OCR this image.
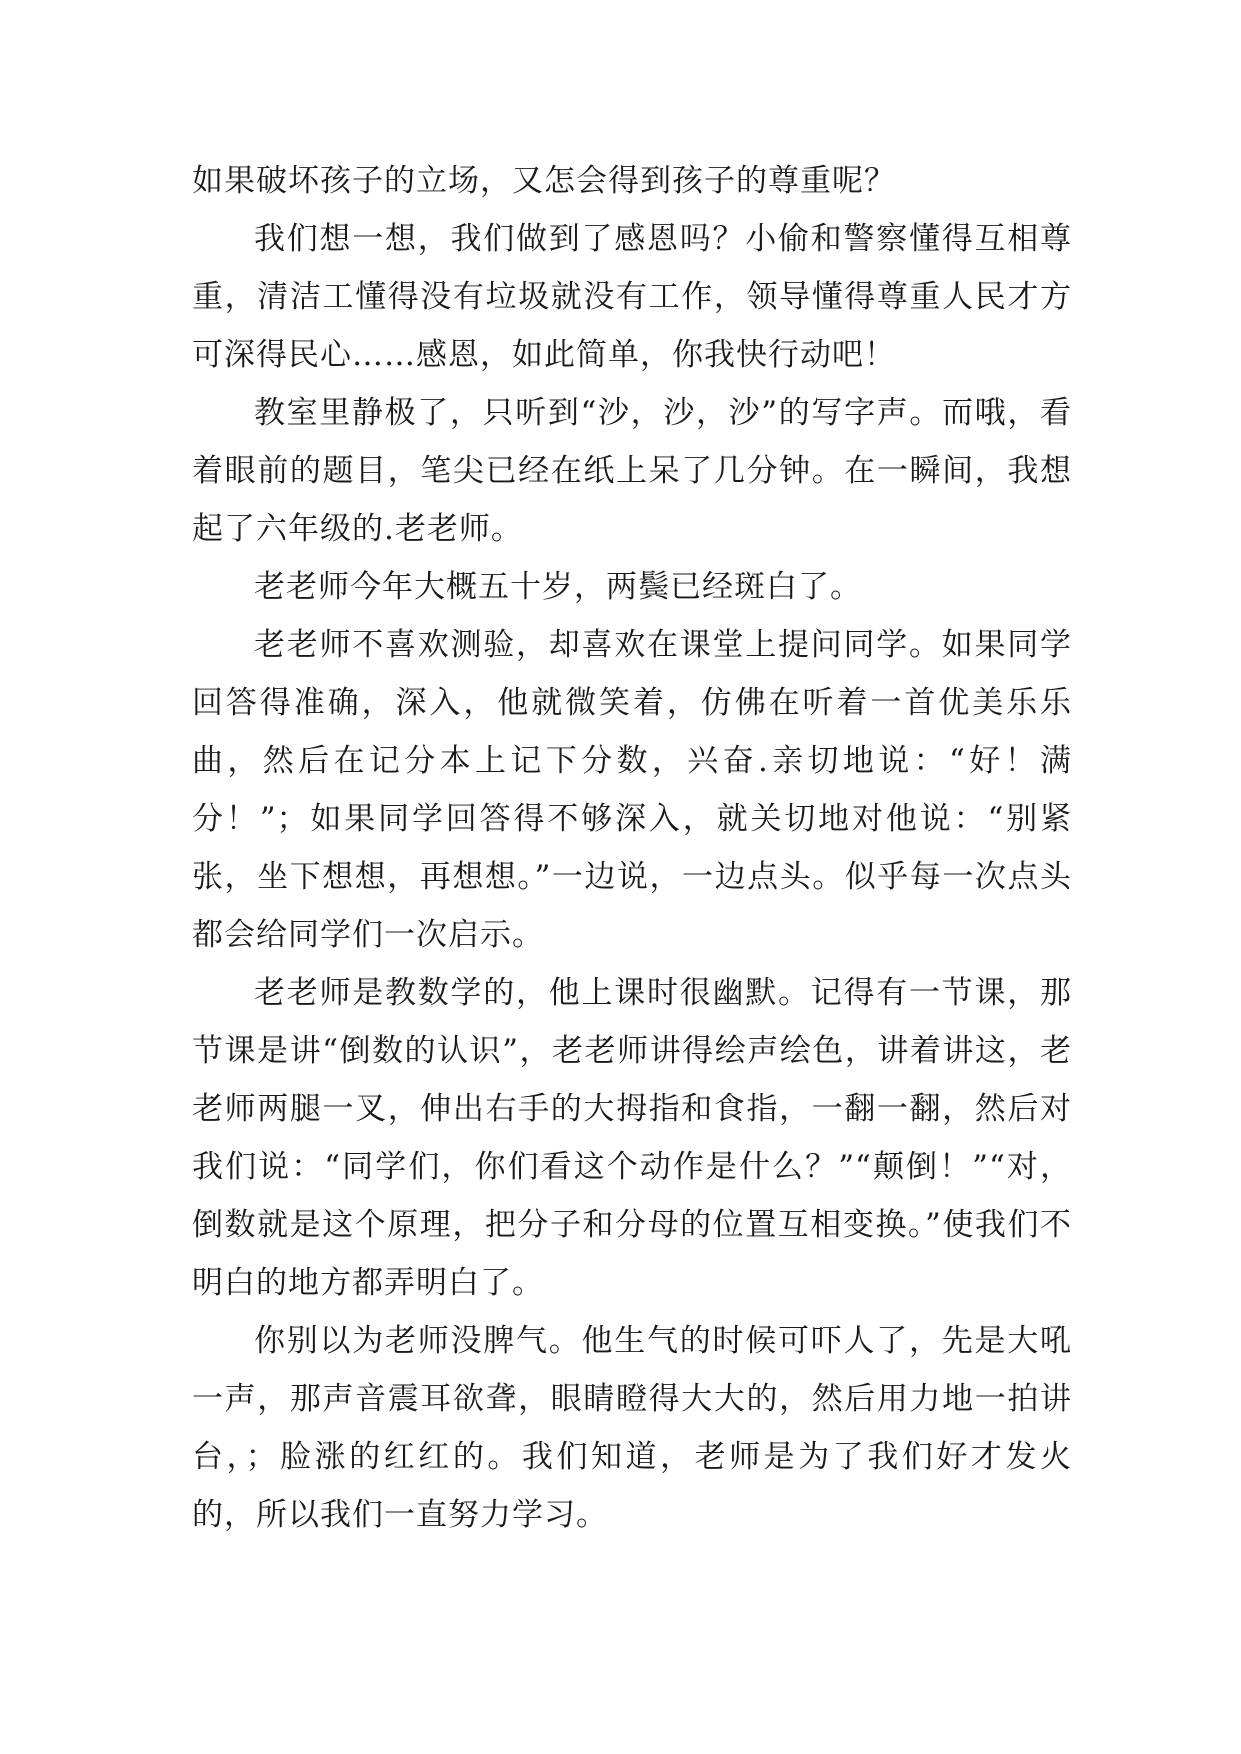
如果破坏孩子的立场，又怎会得到孩子的尊重呢？

我们想一想，我们做到了感恩吗？小偷和警察懂得互相尊重，清洁工懂得没有垃圾就没有工作，领导懂得尊重人民才方可深得民心……感恩，如此简单，你我快行动吧！

教室里静极了，只听到“沙，沙，沙”的写字声。而哦，看着眼前的题目，笔尖已经在纸上呆了几分钟。在一瞬间，我想起了六年级的.老老师。

老老师今年大概五十岁，两鬓已经斑白了。

老老师不喜欢测验，却喜欢在课堂上提问同学。如果同学回答得准确，深入，他就微笑着，仿佛在听着一首优美乐乐曲，然后在记分本上记下分数，兴奋.亲切地说：“好！满分！”；如果同学回答得不够深入，就关切地对他说：“别紧张，坐下想想，再想想。”一边说，一边点头。似乎每一次点头都会给同学们一次启示。

老老师是教数学的，他上课时很幽默。记得有一节课，那节课是讲“倒数的认识”，老老师讲得绘声绘色，讲着讲这，老老师两腿一叉，伸出右手的大拇指和食指，一翻一翻，然后对我们说：“同学们，你们看这个动作是什么？”“颠倒！”“对，倒数就是这个原理，把分子和分母的位置互相变换。”使我们不明白的地方都弄明白了。

你别以为老师没脾气。他生气的时候可吓人了，先是大吼一声，那声音震耳欲聋，眼睛瞪得大大的，然后用力地一拍讲台，；脸涨的红红的。我们知道，老师是为了我们好才发火的，所以我们一直努力学习。
